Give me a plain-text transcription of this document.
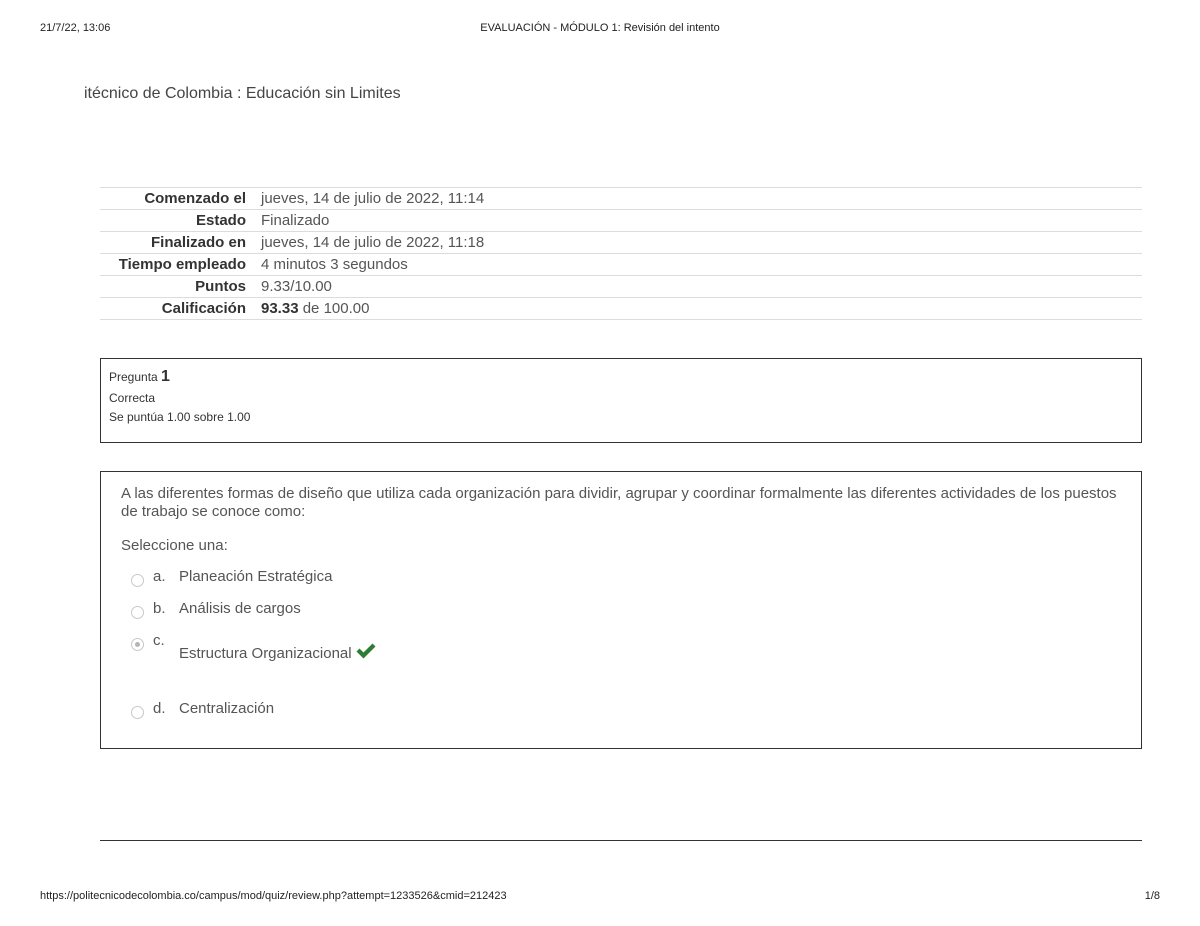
21/7/22, 13:06	EVALUACIÓN - MÓDULO 1: Revisión del intento
itécnico de Colombia : Educación sin Limites
Comenzado el	jueves, 14 de julio de 2022, 11:14
Estado	Finalizado
Finalizado en	jueves, 14 de julio de 2022, 11:18
Tiempo empleado	4 minutos 3 segundos
Puntos	9.33/10.00
Calificación	93.33 de 100.00
Pregunta 1
Correcta
Se puntúa 1.00 sobre 1.00
A las diferentes formas de diseño que utiliza cada organización para dividir, agrupar y coordinar formalmente las diferentes actividades de los puestos de trabajo se conoce como:
Seleccione una:
a. Planeación Estratégica
b. Análisis de cargos
c.
Estructura Organizacional
d. Centralización
https://politecnicodecolombia.co/campus/mod/quiz/review.php?attempt=1233526&cmid=212423	1/8
